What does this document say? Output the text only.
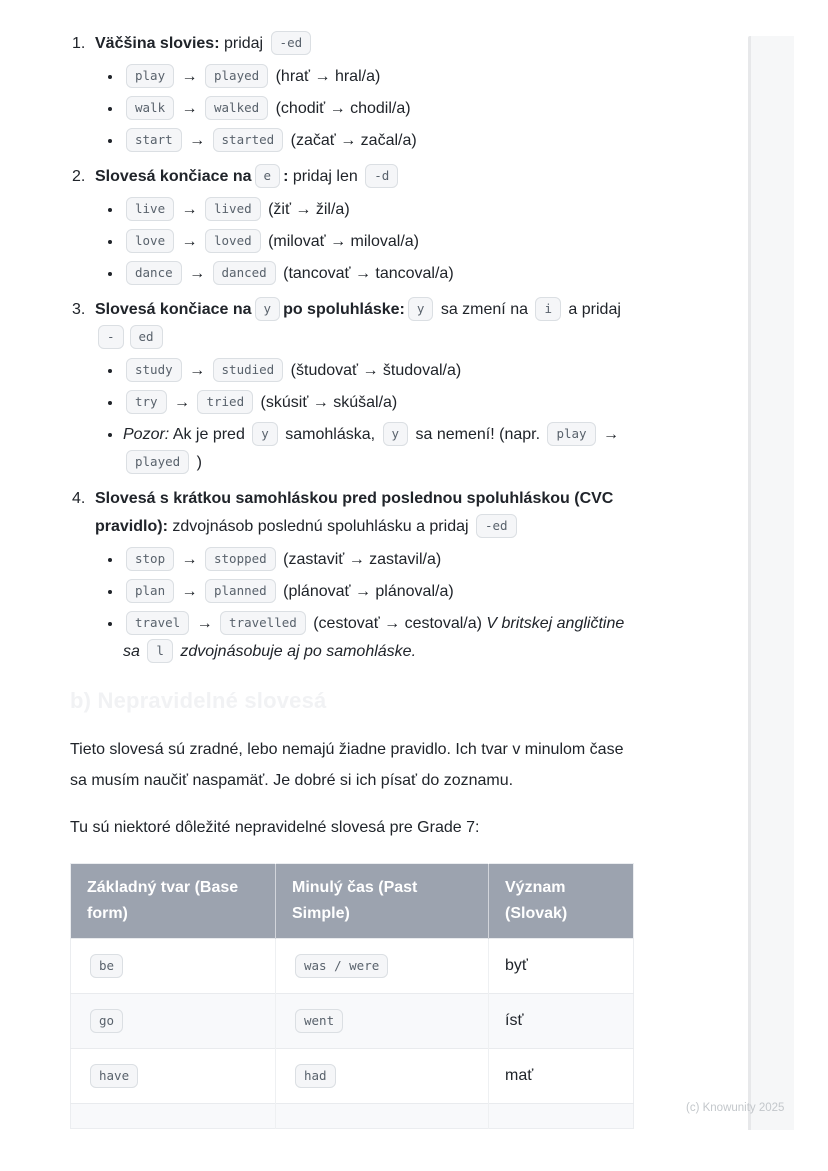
1. Väčšina slovies: pridaj -ed
• play → played (hrať → hral/a)
• walk → walked (chodiť → chodil/a)
• start → started (začať → začal/a)
2. Slovesá končiace na e : pridaj len -d
• live → lived (žiť → žil/a)
• love → loved (milovať → miloval/a)
• dance → danced (tancovať → tancoval/a)
3. Slovesá končiace na y po spoluhláske: y sa zmení na i a pridaj - ed
• study → studied (študovať → študoval/a)
• try → tried (skúsiť → skúšal/a)
• Pozor: Ak je pred y samohláska, y sa nemení! (napr. play → played )
4. Slovesá s krátkou samohláskou pred poslednou spoluhláskou (CVC pravidlo): zdvojnásob poslednú spoluhlásku a pridaj -ed
• stop → stopped (zastaviť → zastavil/a)
• plan → planned (plánovať → plánoval/a)
• travel → travelled (cestovať → cestoval/a) V britskej angličtine sa l zdvojnásobuje aj po samohláske.
b) Nepravidelné slovesá

Tieto slovesá sú zradné, lebo nemajú žiadne pravidlo. Ich tvar v minulom čase sa musím naučiť naspamäť. Je dobré si ich písať do zoznamu.

Tu sú niektoré dôležité nepravidelné slovesá pre Grade 7:

Základný tvar (Base form)	Minulý čas (Past Simple)	Význam (Slovak)
be	was / were	byť
go	went	ísť
have	had	mať

(c) Knowunity 2025
